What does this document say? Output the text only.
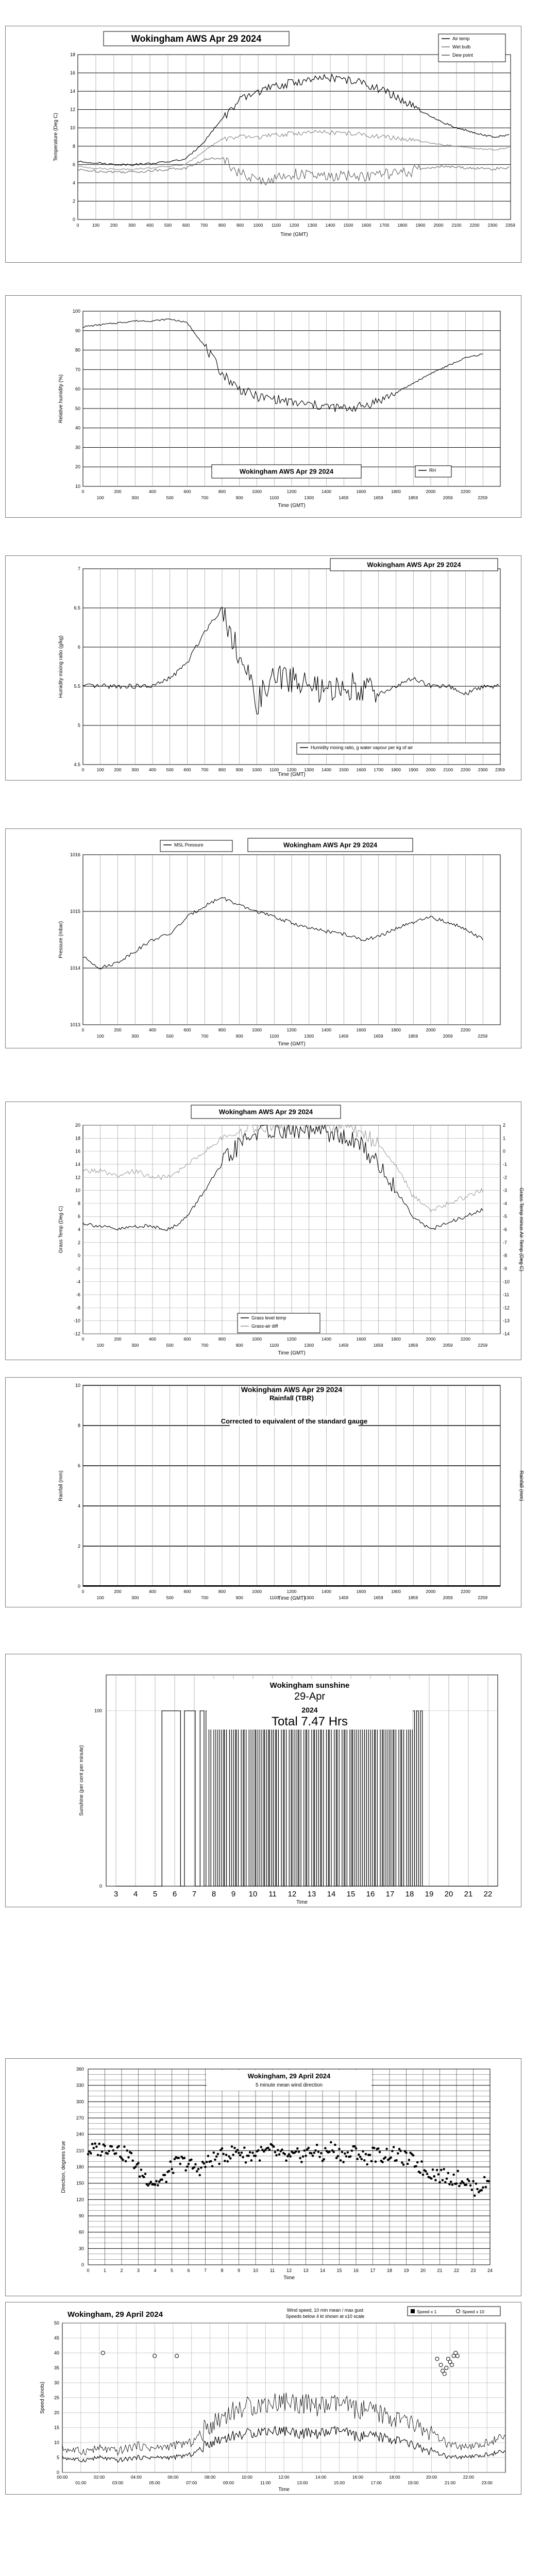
0
2
4
6
8
10
12
14
16
18
Temperature (Deg C)
Time (GMT)
0	100 200 300 400 500 600 700 800 900 1000 1100 1200 1300 1400 1500 1600 1700 1800 1900 2000 2100 2200 2300 2359
Wokingham AWS Apr 29 2024	Air temp
Wet bulb
Dew point
10
20
30
40
50
60
70
80
90
100
Relative humidity (%)
Time (GMT)
0	200	400	600	800	1000	1200	1400	1600	1800	2000	2200
100	300	500	700	900	1100	1300	1459	1659	1859	2059	2259
Wokingham AWS Apr 29 2024	RH
4.5
5
5.5
6
6.5
7
Humidity mixing ratio (g/kg)
Time (GMT)
0	100 200 300 400 500 600 700 800 900 1000 1100 1200 1300 1400 1500 1600 1700 1800 1900 2000 2100 2200 2300 2359
Wokingham AWS Apr 29 2024
Humidity mixing ratio, g water vapour per kg of air
1013
1014
1015
1016
Pressure (mbar)
Time (GMT)
0	200	400	600	800	1000	1200	1400	1600	1800	2000	2200
100	300	500	700	900	1100	1300	1459	1659	1859	2059	2259
Wokingham AWS Apr 29 2024
MSL Pressure
-12
-10
-8
-6
-4
-2
0
2
4
6
8
10
12
14
16
18
20
-14
-13
-12
-11
-10
-9
-8
-7
-6
-5
-4
-3
-2
-1
0
1
2
Grass Temp (Deg C)	Grass Temp minus Air Temp (Deg C)
Time (GMT)
0	200	400	600	800	1000	1200	1400	1600	1800	2000	2200
100	300	500	700	900	1100	1300	1459	1659	1859	2059	2259
Wokingham AWS Apr 29 2024
Grass level temp
Grass-air diff
0
2
4
6
8
10
Rainfall (mm)	Rainfall (mm)
Time (GMT)
0	200	400	600	800	1000	1200	1400	1600	1800	2000	2200
100	300	500	700	900	1100	1300	1459	1659	1859	2059	2259
Wokingham AWS Apr 29 2024
Rainfall (TBR)
Corrected to equivalent of the standard gauge
3 4 5 6 7 8 9 10 11 12 13 14 15 16 17 18 19 20 21 22
100
0
Sunshine (per cent per minute)
Time
Wokingham sunshine
29-Apr
2024
Total 7.47 Hrs
0
30
60
90
120
150
180
210
240
270
300
330
360
0	1	2	3	4	5	6	7	8	9	10	11	12 13 14 15 16 17 18 19 20 21 22 23 24
Direction, degrees true
Time
Wokingham, 29 April 2024
5 minute mean wind direction
0
5
10
15
20
25
30
35
40
45
50
00:00	02:00	04:00	06:00	08:00	10:00	12:00	14:00	16:00	18:00	20:00	22:00
01:00	03:00	05:00	07:00	09:00	11:00	13:00	15:00	17:00	19:00	21:00	23:00
Speed (knots)
Time
Wokingham, 29 April 2024	Wind speed, 10 min mean / max gust
Speeds below 4 kt shown at x10 scale
Speed x 1	Speed x 10
